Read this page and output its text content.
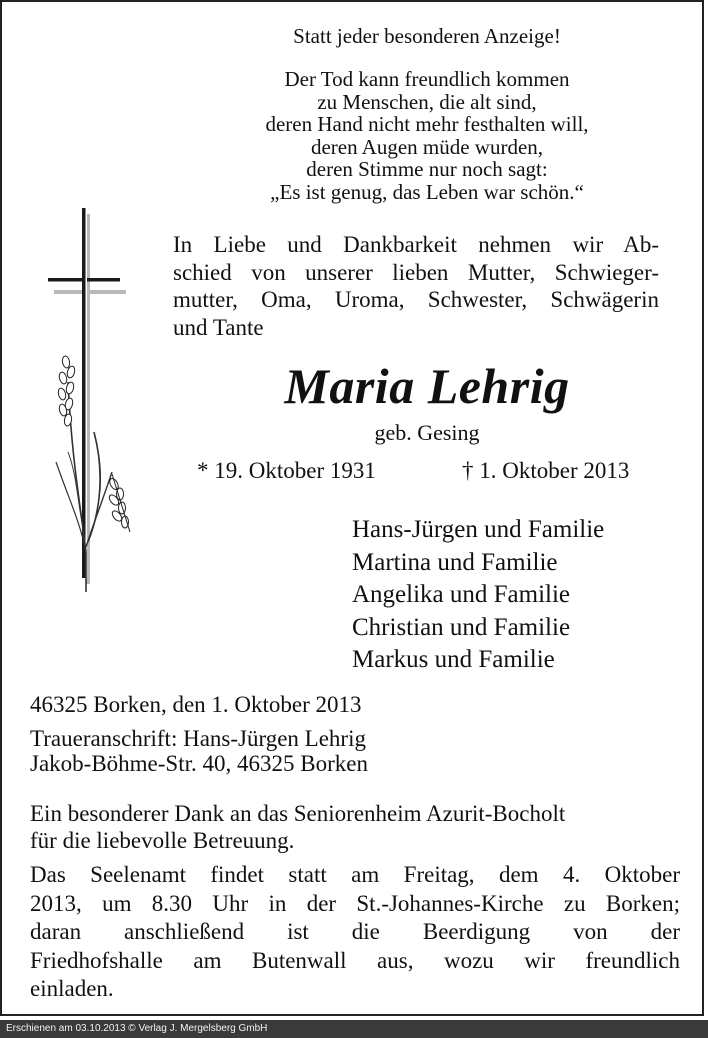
Statt jeder besonderen Anzeige!
Der Tod kann freundlich kommen
zu Menschen, die alt sind,
deren Hand nicht mehr festhalten will,
deren Augen müde wurden,
deren Stimme nur noch sagt:
„Es ist genug, das Leben war schön.“
In Liebe und Dankbarkeit nehmen wir Ab-
schied von unserer lieben Mutter, Schwieger-
mutter, Oma, Uroma, Schwester, Schwägerin
und Tante
Maria Lehrig
geb. Gesing
* 19. Oktober 1931	† 1. Oktober 2013
Hans-Jürgen und Familie
Martina und Familie
Angelika und Familie
Christian und Familie
Markus und Familie
46325 Borken, den 1. Oktober 2013
Traueranschrift: Hans-Jürgen Lehrig
Jakob-Böhme-Str. 40, 46325 Borken
Ein besonderer Dank an das Seniorenheim Azurit-Bocholt
für die liebevolle Betreuung.
Das Seelenamt findet statt am Freitag, dem 4. Oktober
2013, um 8.30 Uhr in der St.-Johannes-Kirche zu Borken;
daran anschließend ist die Beerdigung von der
Friedhofshalle am Butenwall aus, wozu wir freundlich
einladen.
Erschienen am 03.10.2013 © Verlag J. Mergelsberg GmbH
